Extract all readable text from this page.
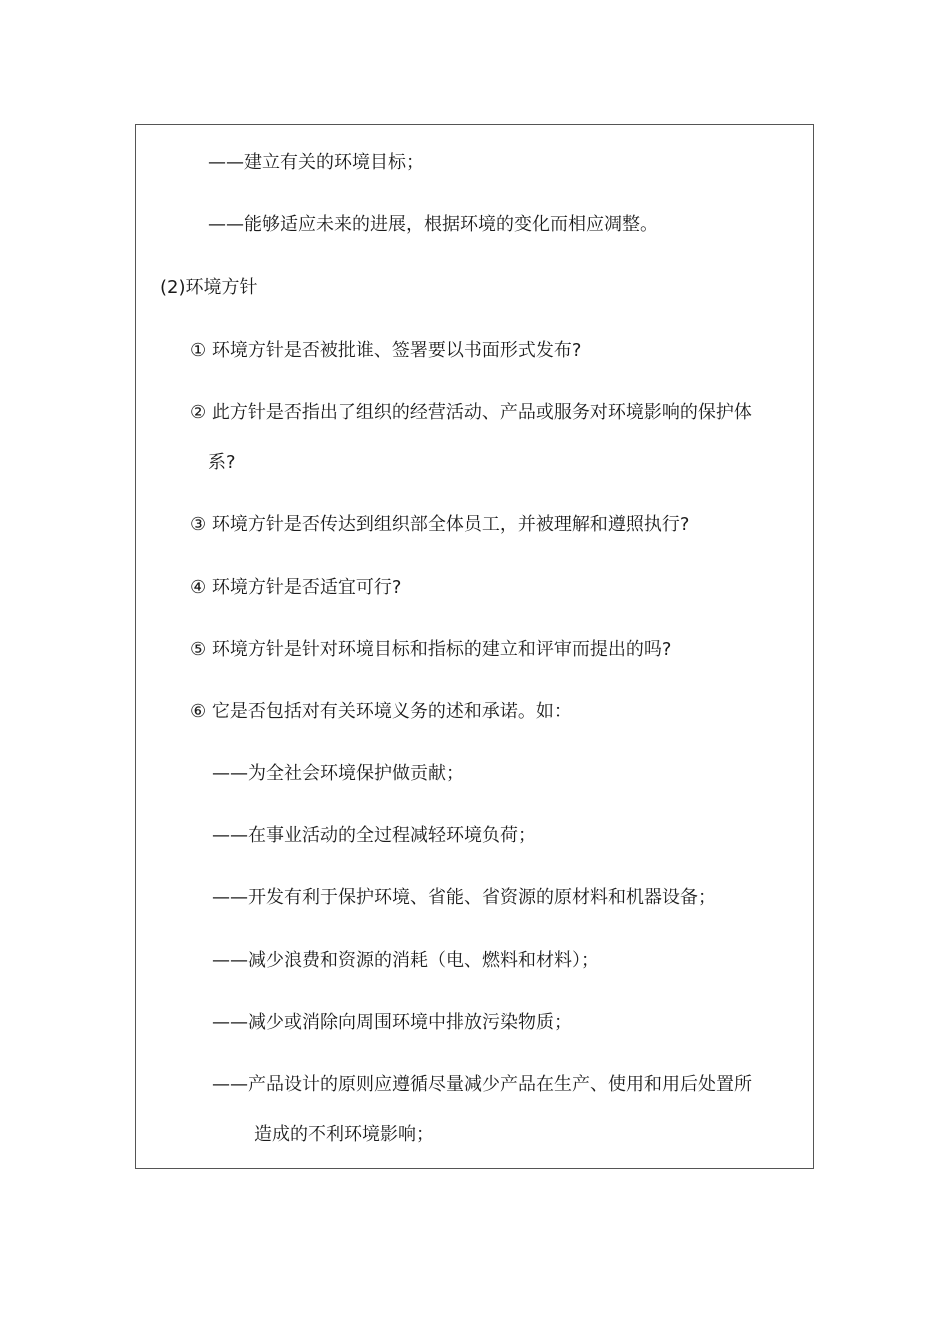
——建立有关的环境目标；
——能够适应未来的进展，根据环境的变化而相应凋整。
(2)环境方针
① 环境方针是否被批谁、签署要以书面形式发布?
② 此方针是否指出了组织的经营活动、产品或服务对环境影响的保护体
系?
③ 环境方针是否传达到组织部全体员工，并被理解和遵照执行?
④ 环境方针是否适宜可行?
⑤ 环境方针是针对环境目标和指标的建立和评审而提出的吗?
⑥ 它是否包括对有关环境义务的述和承诺。如：
——为全社会环境保护做贡献；
——在事业活动的全过程减轻环境负荷；
——开发有利于保护环境、省能、省资源的原材料和机器设备；
——减少浪费和资源的消耗（电、燃料和材料）；
——减少或消除向周围环境中排放污染物质；
——产品设计的原则应遵循尽量减少产品在生产、使用和用后处置所
造成的不利环境影响；
